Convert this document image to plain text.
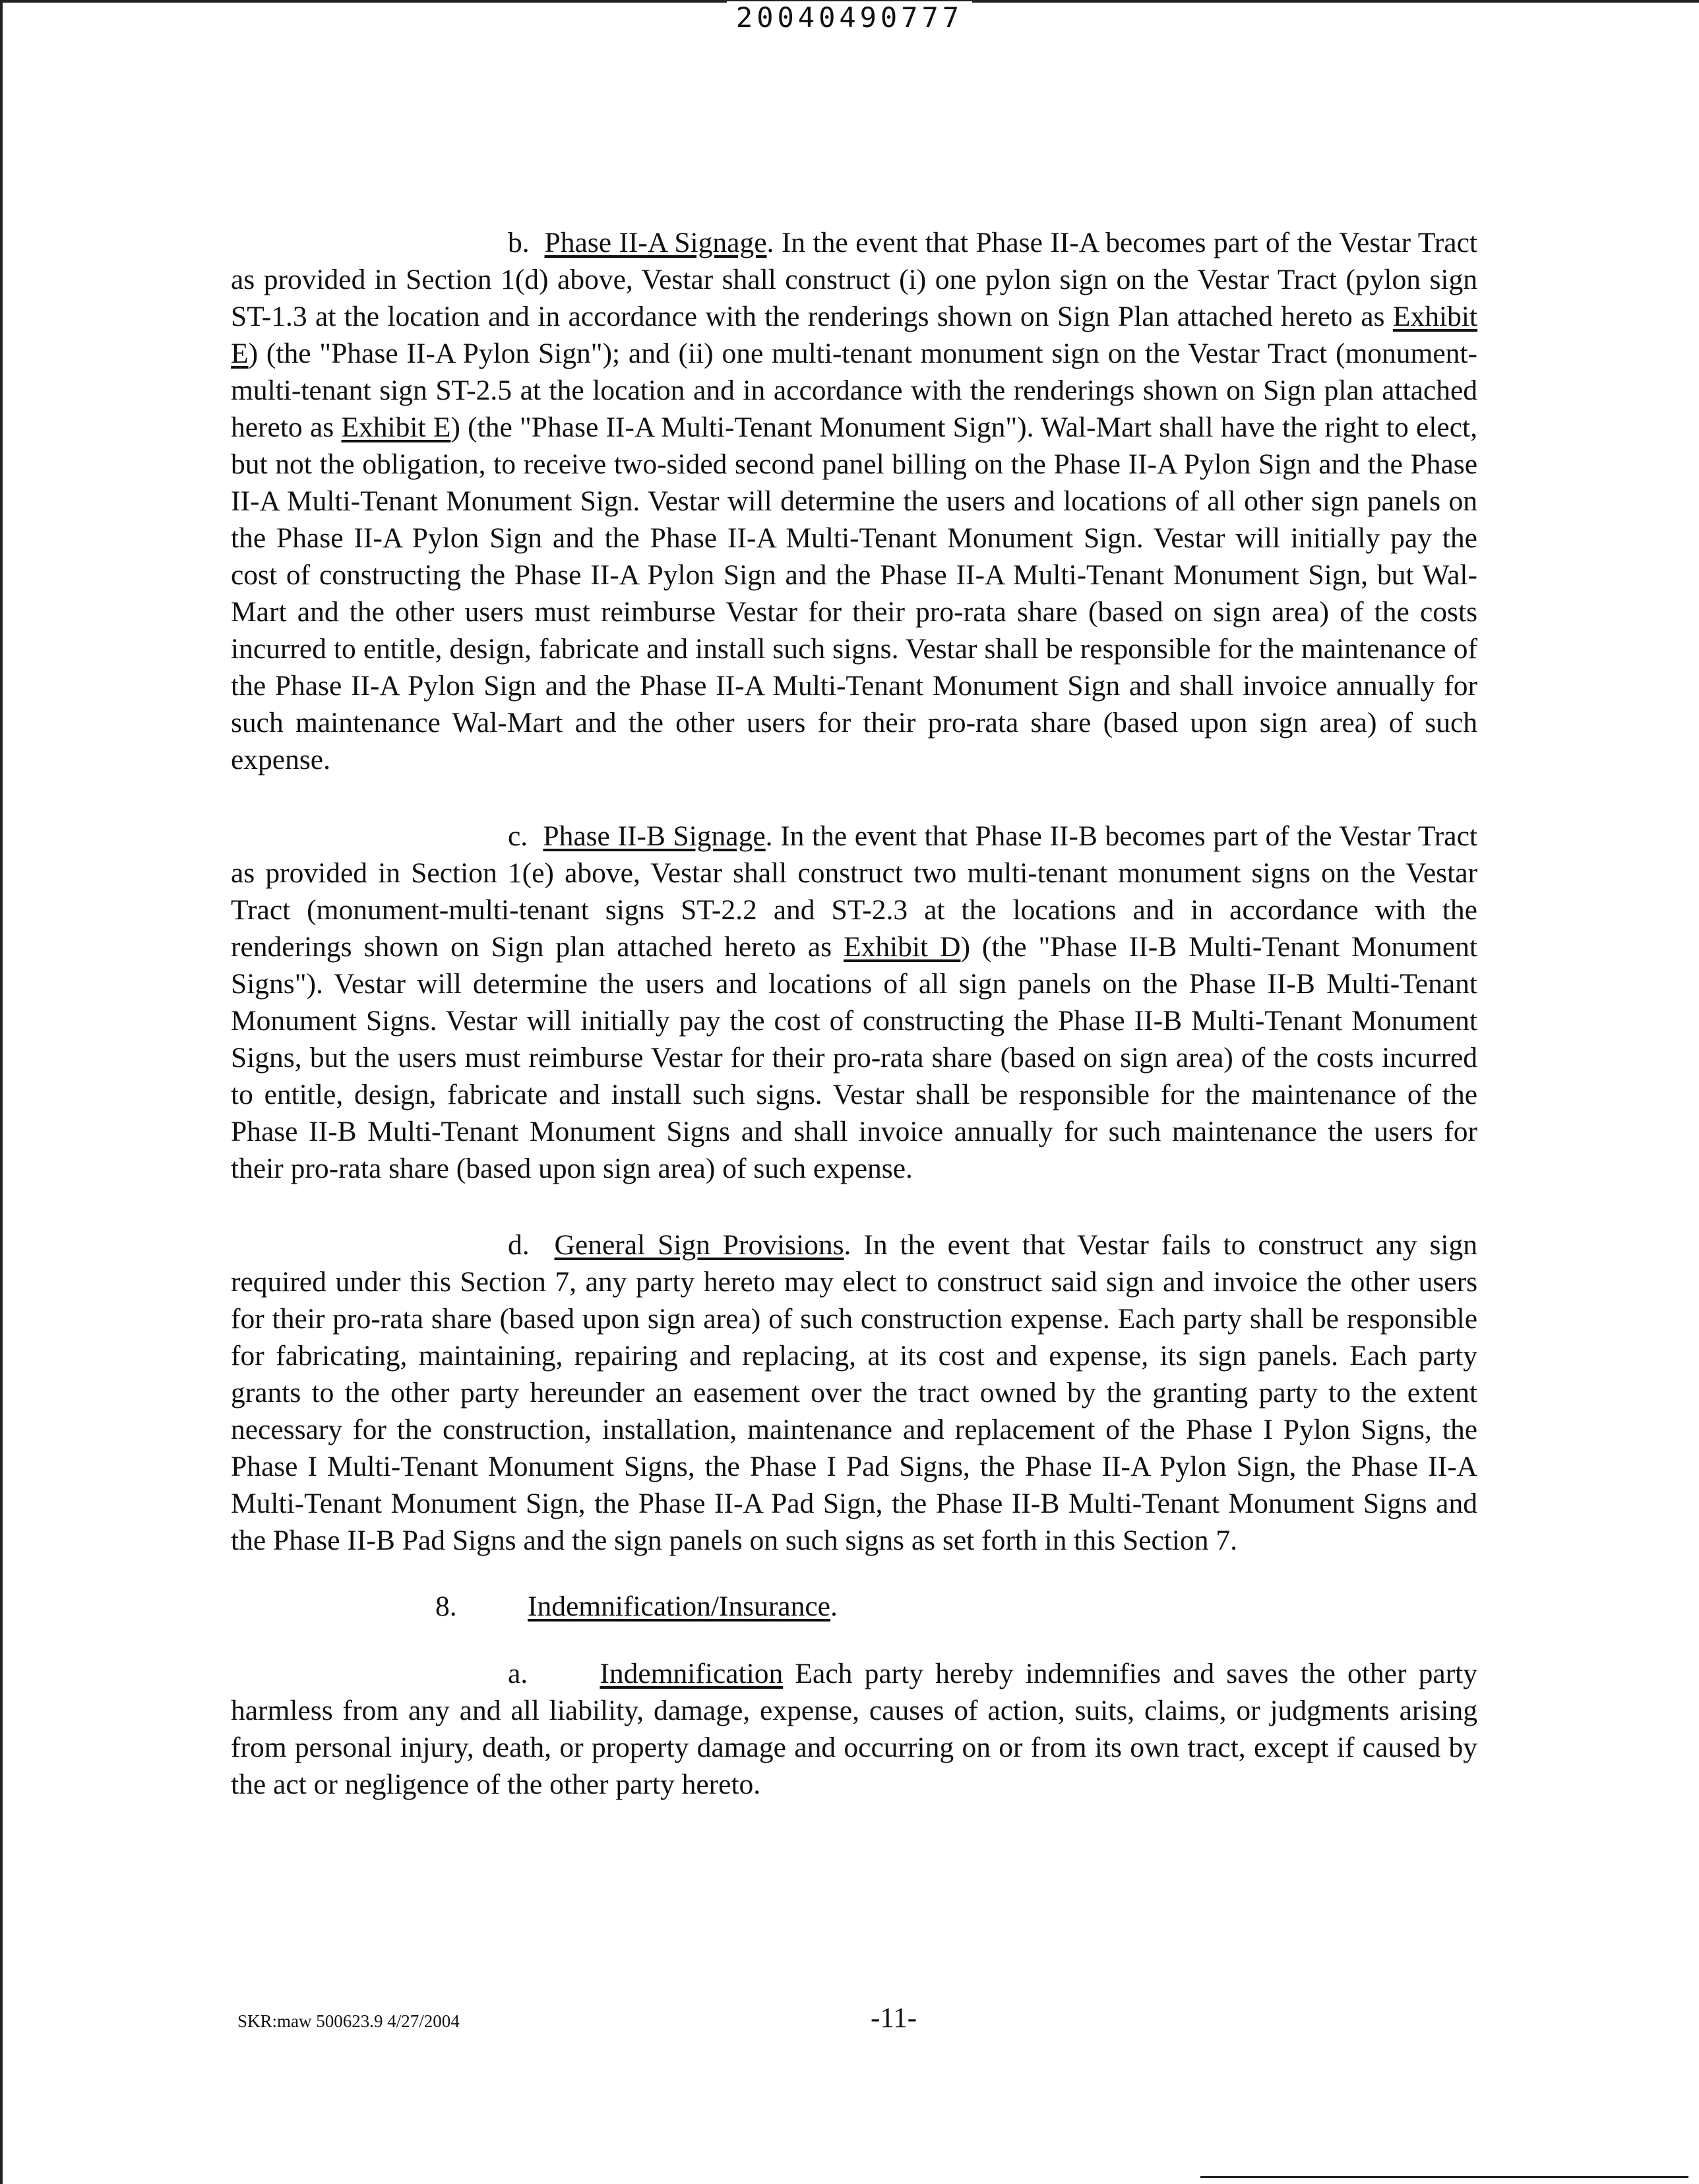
20040490777

b. Phase II-A Signage. In the event that Phase II-A becomes part of the Vestar Tract as provided in Section 1(d) above, Vestar shall construct (i) one pylon sign on the Vestar Tract (pylon sign ST-1.3 at the location and in accordance with the renderings shown on Sign Plan attached hereto as Exhibit E) (the "Phase II-A Pylon Sign"); and (ii) one multi-tenant monument sign on the Vestar Tract (monument-multi-tenant sign ST-2.5 at the location and in accordance with the renderings shown on Sign plan attached hereto as Exhibit E) (the "Phase II-A Multi-Tenant Monument Sign"). Wal-Mart shall have the right to elect, but not the obligation, to receive two-sided second panel billing on the Phase II-A Pylon Sign and the Phase II-A Multi-Tenant Monument Sign. Vestar will determine the users and locations of all other sign panels on the Phase II-A Pylon Sign and the Phase II-A Multi-Tenant Monument Sign. Vestar will initially pay the cost of constructing the Phase II-A Pylon Sign and the Phase II-A Multi-Tenant Monument Sign, but Wal-Mart and the other users must reimburse Vestar for their pro-rata share (based on sign area) of the costs incurred to entitle, design, fabricate and install such signs. Vestar shall be responsible for the maintenance of the Phase II-A Pylon Sign and the Phase II-A Multi-Tenant Monument Sign and shall invoice annually for such maintenance Wal-Mart and the other users for their pro-rata share (based upon sign area) of such expense.

c. Phase II-B Signage. In the event that Phase II-B becomes part of the Vestar Tract as provided in Section 1(e) above, Vestar shall construct two multi-tenant monument signs on the Vestar Tract (monument-multi-tenant signs ST-2.2 and ST-2.3 at the locations and in accordance with the renderings shown on Sign plan attached hereto as Exhibit D) (the "Phase II-B Multi-Tenant Monument Signs"). Vestar will determine the users and locations of all sign panels on the Phase II-B Multi-Tenant Monument Signs. Vestar will initially pay the cost of constructing the Phase II-B Multi-Tenant Monument Signs, but the users must reimburse Vestar for their pro-rata share (based on sign area) of the costs incurred to entitle, design, fabricate and install such signs. Vestar shall be responsible for the maintenance of the Phase II-B Multi-Tenant Monument Signs and shall invoice annually for such maintenance the users for their pro-rata share (based upon sign area) of such expense.

d. General Sign Provisions. In the event that Vestar fails to construct any sign required under this Section 7, any party hereto may elect to construct said sign and invoice the other users for their pro-rata share (based upon sign area) of such construction expense. Each party shall be responsible for fabricating, maintaining, repairing and replacing, at its cost and expense, its sign panels. Each party grants to the other party hereunder an easement over the tract owned by the granting party to the extent necessary for the construction, installation, maintenance and replacement of the Phase I Pylon Signs, the Phase I Multi-Tenant Monument Signs, the Phase I Pad Signs, the Phase II-A Pylon Sign, the Phase II-A Multi-Tenant Monument Sign, the Phase II-A Pad Sign, the Phase II-B Multi-Tenant Monument Signs and the Phase II-B Pad Signs and the sign panels on such signs as set forth in this Section 7.

8. Indemnification/Insurance.

a.	Indemnification Each party hereby indemnifies and saves the other party harmless from any and all liability, damage, expense, causes of action, suits, claims, or judgments arising from personal injury, death, or property damage and occurring on or from its own tract, except if caused by the act or negligence of the other party hereto.

SKR:maw 500623.9 4/27/2004	-11-
